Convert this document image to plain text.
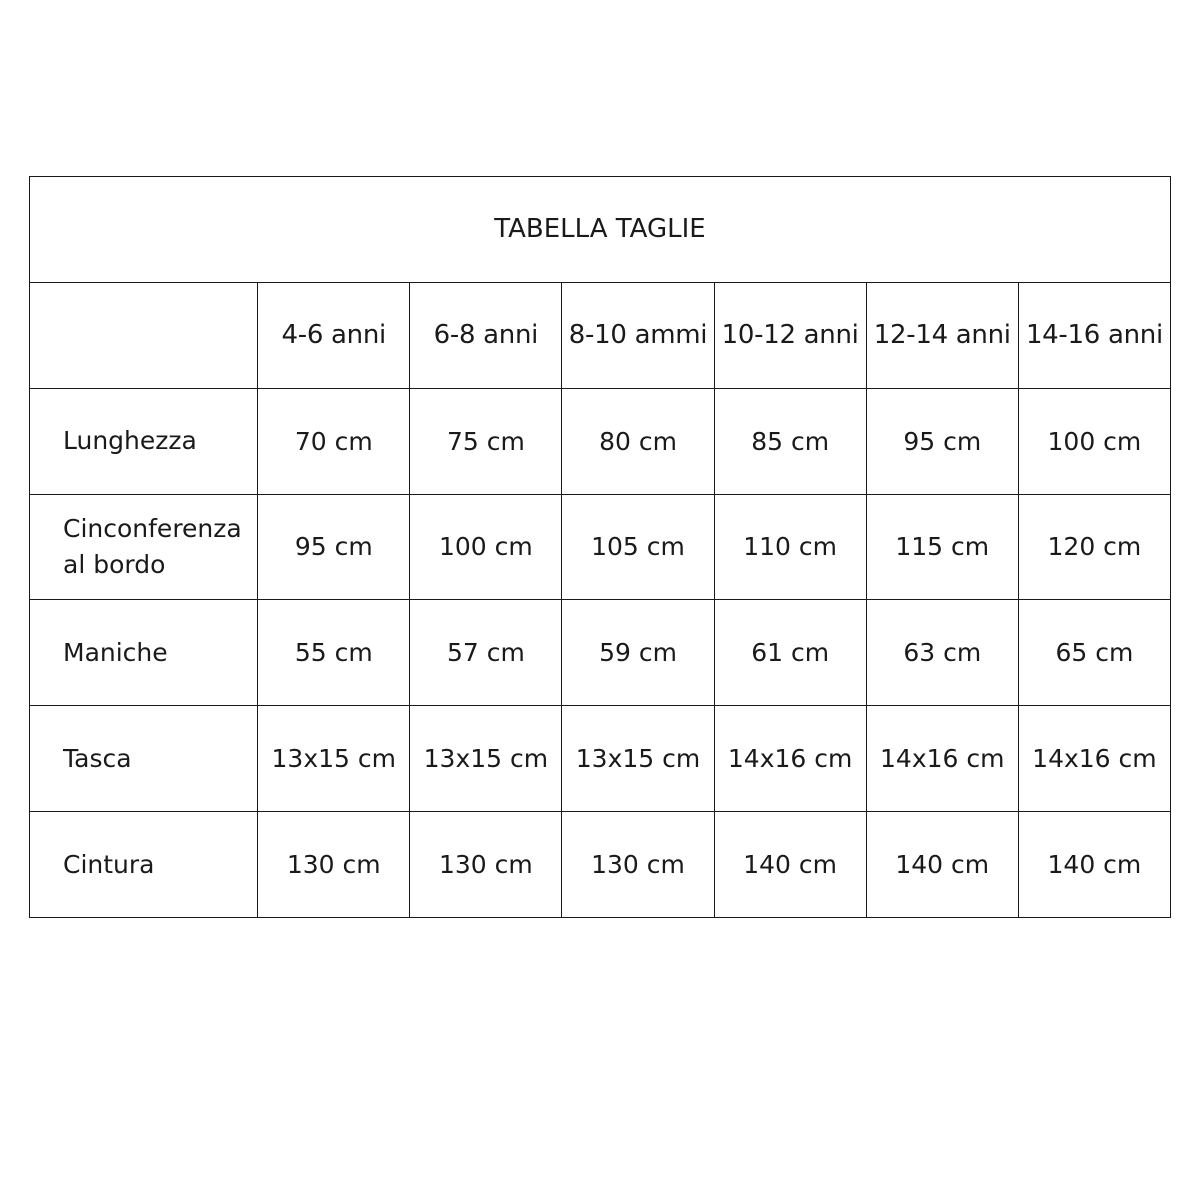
TABELLA TAGLIE						
	4-6 anni	6-8 anni	8-10 ammi	10-12 anni	12-14 anni	14-16 anni
Lunghezza	70 cm	75 cm	80 cm	85 cm	95 cm	100 cm
Cinconferenza al bordo	95 cm	100 cm	105 cm	110 cm	115 cm	120 cm
Maniche	55 cm	57 cm	59 cm	61 cm	63 cm	65 cm
Tasca	13x15 cm	13x15 cm	13x15 cm	14x16 cm	14x16 cm	14x16 cm
Cintura	130 cm	130 cm	130 cm	140 cm	140 cm	140 cm
